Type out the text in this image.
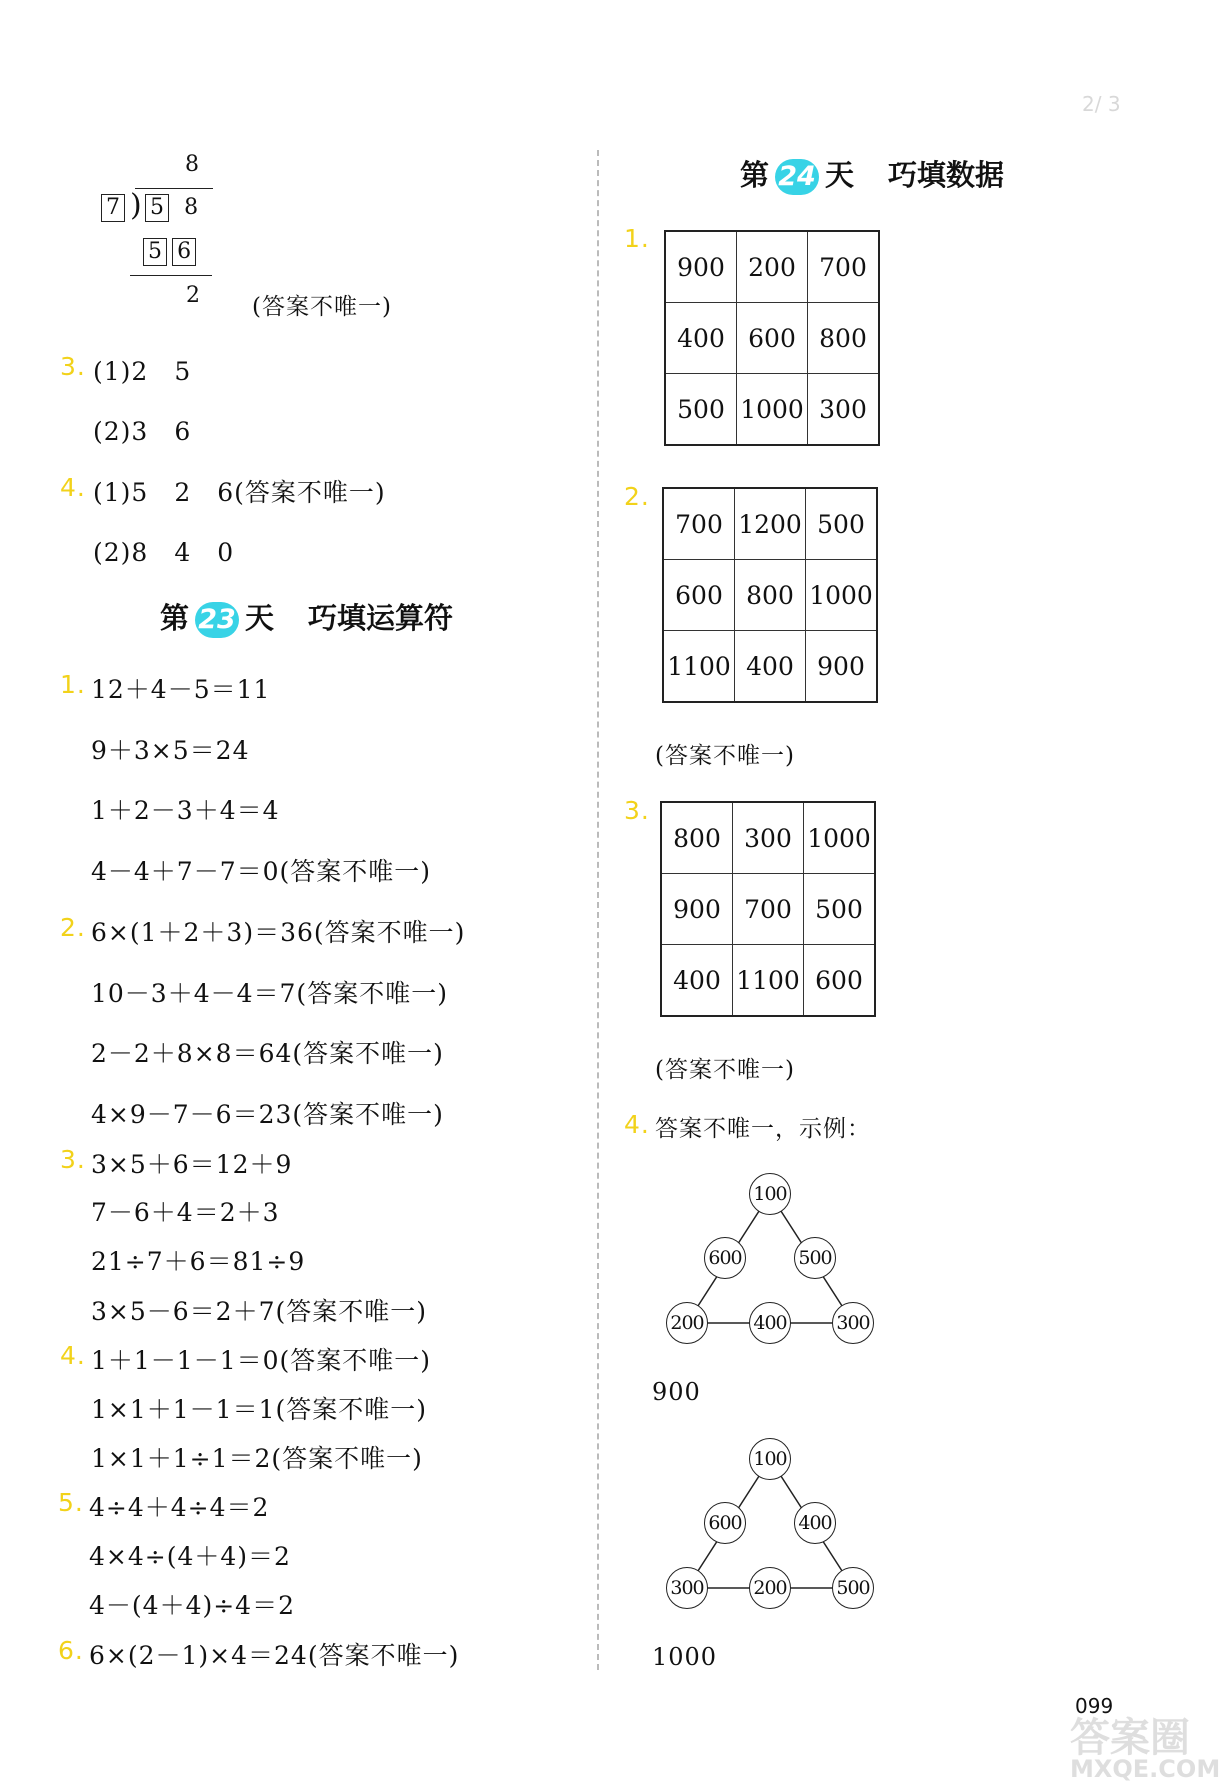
2/ 3
8
7 ) 5 8
5 6
2 (答案不唯一)
3. (1)2　5
(2)3　6
4. (1)5　2　6(答案不唯一)
(2)8　4　0
第 23 天 巧填运算符
1. 12＋4－5＝11
9＋3×5＝24
1＋2－3＋4＝4
4－4＋7－7＝0(答案不唯一)
2. 6×(1＋2＋3)＝36(答案不唯一)
10－3＋4－4＝7(答案不唯一)
2－2＋8×8＝64(答案不唯一)
4×9－7－6＝23(答案不唯一)
3. 3×5＋6＝12＋9
7－6＋4＝2＋3
21÷7＋6＝81÷9
3×5－6＝2＋7(答案不唯一)
4. 1＋1－1－1＝0(答案不唯一)
1×1＋1－1＝1(答案不唯一)
1×1＋1÷1＝2(答案不唯一)
5. 4÷4＋4÷4＝2
4×4÷(4＋4)＝2
4－(4＋4)÷4＝2
6. 6×(2－1)×4＝24(答案不唯一)
第 24 天 巧填数据
1.
900	200	700
400	600	800
500	1000	300
2.
700	1200	500
600	800	1000
1100	400	900
(答案不唯一)
3.
800	300	1000
900	700	500
400	1100	600
(答案不唯一)
4. 答案不唯一，示例：
100
600	500
200	400	300
900
100
600	400
300	200	500
1000
099
答案圈
MXQE.COM
